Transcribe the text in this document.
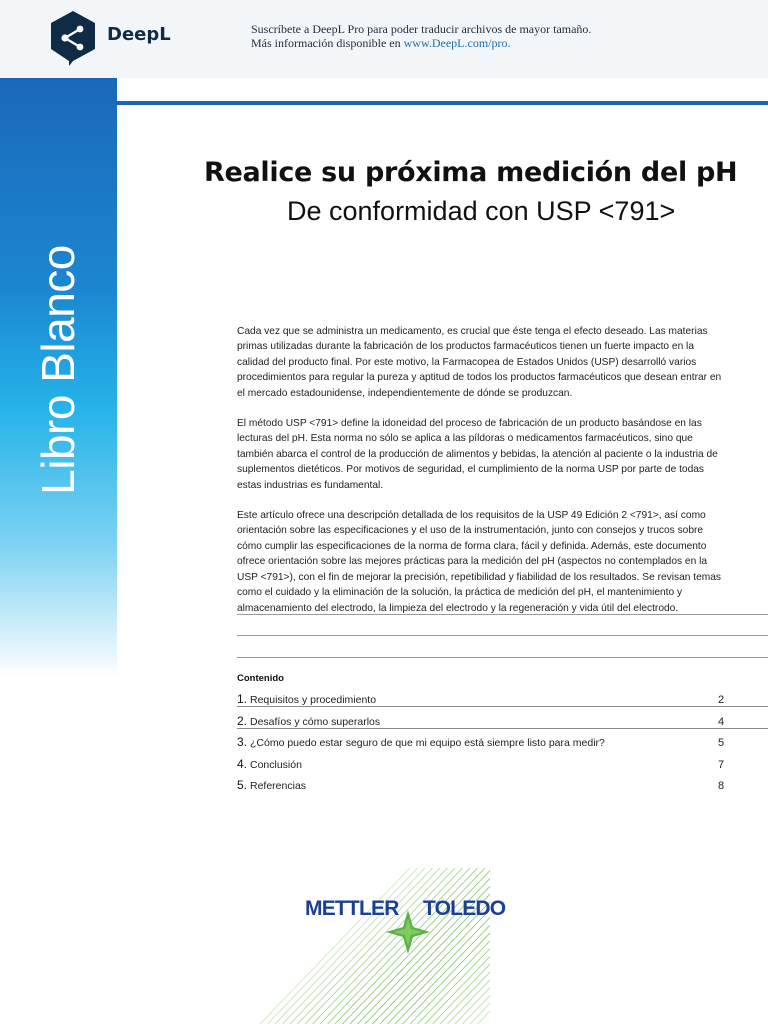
DeepL	Suscríbete a DeepL Pro para poder traducir archivos de mayor tamaño.
Más información disponible en www.DeepL.com/pro.
Libro Blanco
Realice su próxima medición del pH
De conformidad con USP <791>

Cada vez que se administra un medicamento, es crucial que éste tenga el efecto deseado. Las materias primas utilizadas durante la fabricación de los productos farmacéuticos tienen un fuerte impacto en la calidad del producto final. Por este motivo, la Farmacopea de Estados Unidos (USP) desarrolló varios procedimientos para regular la pureza y aptitud de todos los productos farmacéuticos que desean entrar en el mercado estadounidense, independientemente de dónde se produzcan.

El método USP <791> define la idoneidad del proceso de fabricación de un producto basándose en las lecturas del pH. Esta norma no sólo se aplica a las píldoras o medicamentos farmacéuticos, sino que también abarca el control de la producción de alimentos y bebidas, la atención al paciente o la industria de suplementos dietéticos. Por motivos de seguridad, el cumplimiento de la norma USP por parte de todas estas industrias es fundamental.

Este artículo ofrece una descripción detallada de los requisitos de la USP 49 Edición 2 <791>, así como orientación sobre las especificaciones y el uso de la instrumentación, junto con consejos y trucos sobre cómo cumplir las especificaciones de la norma de forma clara, fácil y definida. Además, este documento ofrece orientación sobre las mejores prácticas para la medición del pH (aspectos no contemplados en la USP <791>), con el fin de mejorar la precisión, repetibilidad y fiabilidad de los resultados. Se revisan temas como el cuidado y la eliminación de la solución, la práctica de medición del pH, el mantenimiento y almacenamiento del electrodo, la limpieza del electrodo y la regeneración y vida útil del electrodo.

Contenido
1. Requisitos y procedimiento	2
2. Desafíos y cómo superarlos	4
3. ¿Cómo puedo estar seguro de que mi equipo está siempre listo para medir?	5
4. Conclusión	7
5. Referencias	8
METTLER TOLEDO
